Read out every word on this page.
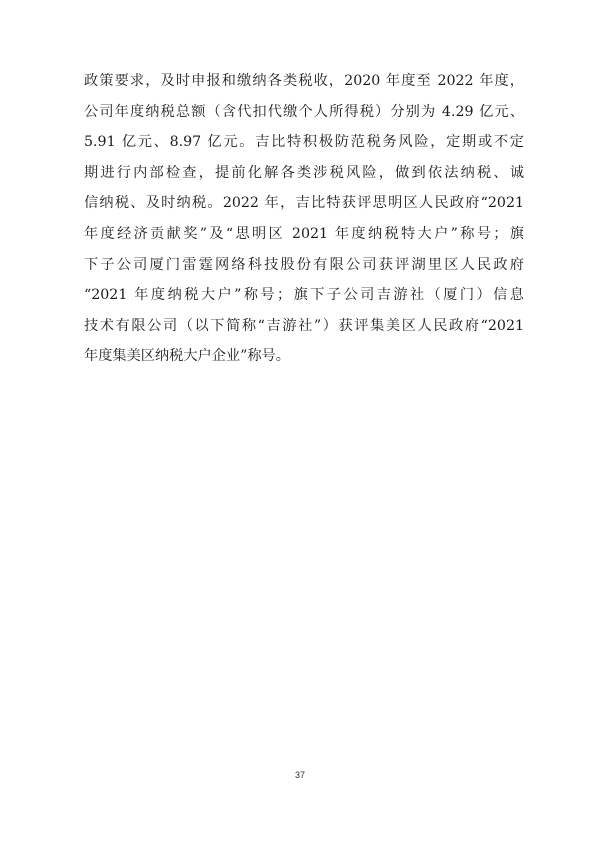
政策要求，及时申报和缴纳各类税收，2020 年度至 2022 年度，
公司年度纳税总额（含代扣代缴个人所得税）分别为 4.29 亿元、
5.91 亿元、8.97 亿元。吉比特积极防范税务风险，定期或不定
期进行内部检查，提前化解各类涉税风险，做到依法纳税、诚
信纳税、及时纳税。2022 年，吉比特获评思明区人民政府“2021
年度经济贡献奖”及“思明区 2021 年度纳税特大户”称号；旗
下子公司厦门雷霆网络科技股份有限公司获评湖里区人民政府
“2021 年度纳税大户”称号；旗下子公司吉游社（厦门）信息
技术有限公司（以下简称“吉游社”）获评集美区人民政府“2021
年度集美区纳税大户企业”称号。
37
